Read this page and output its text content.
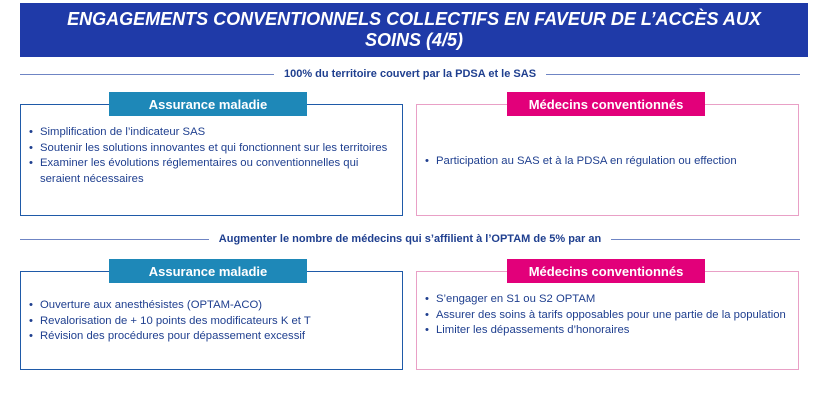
ENGAGEMENTS CONVENTIONNELS COLLECTIFS EN FAVEUR DE L’ACCÈS AUX SOINS (4/5)
100% du territoire couvert par la PDSA et le SAS
• Simplification de l’indicateur SAS
• Soutenir les solutions innovantes et qui fonctionnent sur les territoires
• Examiner les évolutions réglementaires ou conventionnelles qui seraient nécessaires
Assurance maladie
• Participation au SAS et à la PDSA en régulation ou effection
Médecins conventionnés
Augmenter le nombre de médecins qui s’affilient à l’OPTAM de 5% par an
• Ouverture aux anesthésistes (OPTAM-ACO)
• Revalorisation de + 10 points des modificateurs K et T
• Révision des procédures pour dépassement excessif
Assurance maladie
• S’engager en S1 ou S2 OPTAM
• Assurer des soins à tarifs opposables pour une partie de la population
• Limiter les dépassements d’honoraires
Médecins conventionnés
